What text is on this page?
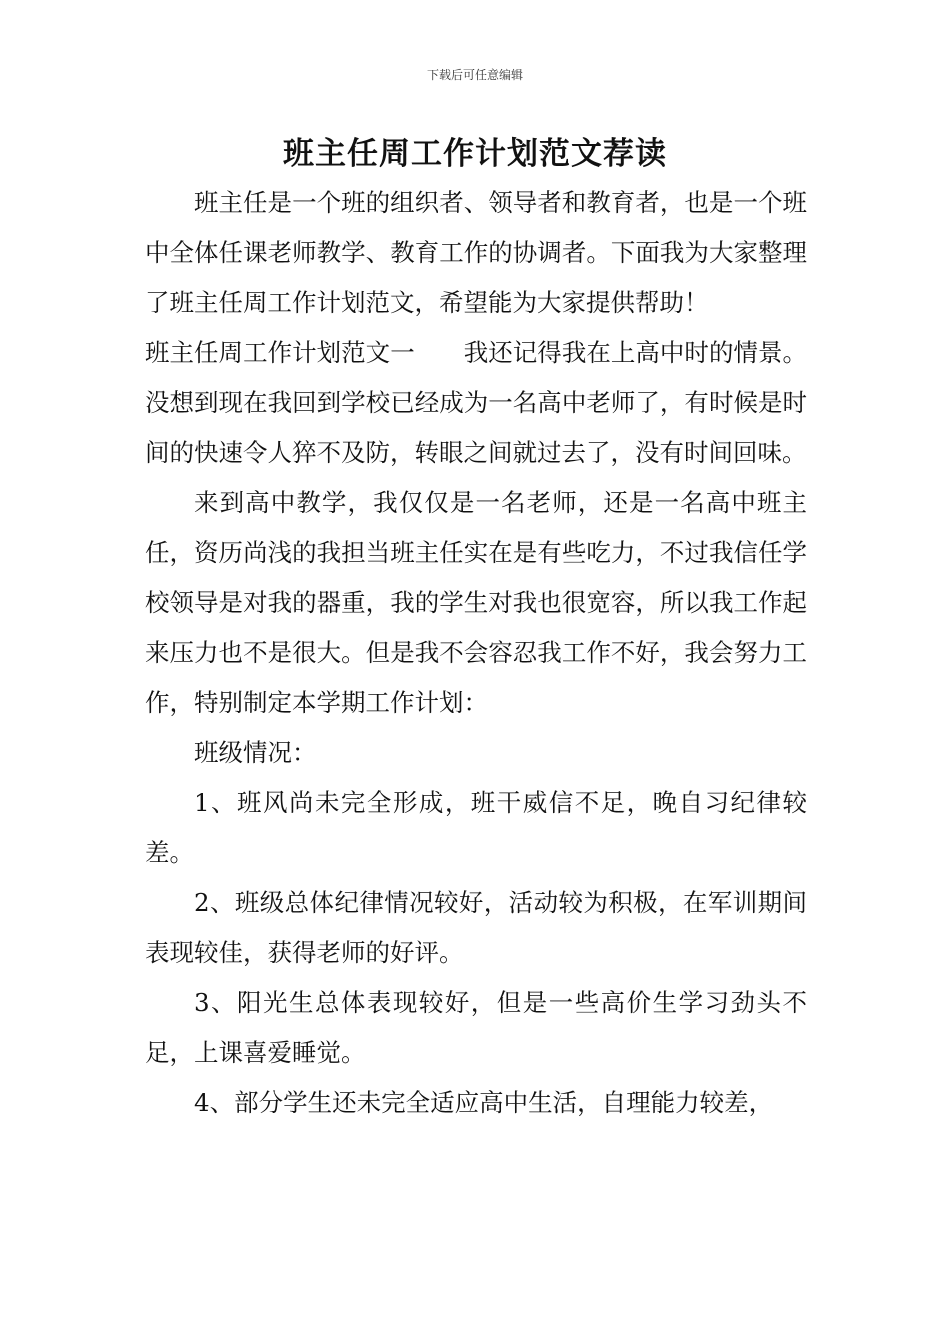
下载后可任意编辑
班主任周工作计划范文荐读

班主任是一个班的组织者、领导者和教育者，也是一个班中全体任课老师教学、教育工作的协调者。下面我为大家整理了班主任周工作计划范文，希望能为大家提供帮助！

班主任周工作计划范文一　　我还记得我在上高中时的情景。没想到现在我回到学校已经成为一名高中老师了，有时候是时间的快速令人猝不及防，转眼之间就过去了，没有时间回味。

来到高中教学，我仅仅是一名老师，还是一名高中班主任，资历尚浅的我担当班主任实在是有些吃力，不过我信任学校领导是对我的器重，我的学生对我也很宽容，所以我工作起来压力也不是很大。但是我不会容忍我工作不好，我会努力工作，特别制定本学期工作计划：

班级情况：

1、班风尚未完全形成，班干威信不足，晚自习纪律较差。

2、班级总体纪律情况较好，活动较为积极，在军训期间表现较佳，获得老师的好评。

3、阳光生总体表现较好，但是一些高价生学习劲头不足，上课喜爱睡觉。

4、部分学生还未完全适应高中生活，自理能力较差，
